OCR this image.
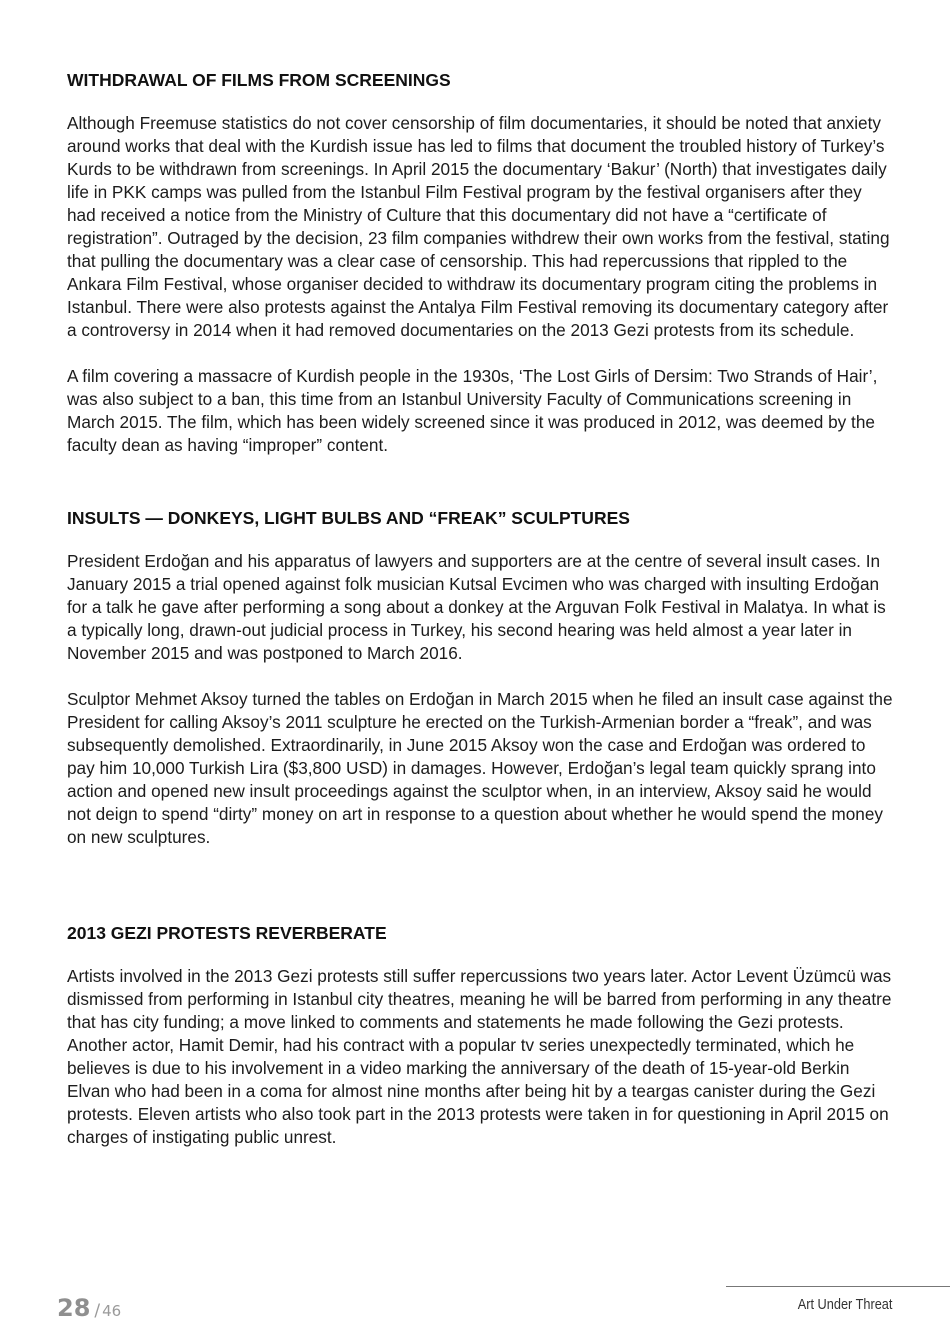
WITHDRAWAL OF FILMS FROM SCREENINGS

Although Freemuse statistics do not cover censorship of film documentaries, it should be noted that anxiety around works that deal with the Kurdish issue has led to films that document the troubled history of Turkey’s Kurds to be withdrawn from screenings. In April 2015 the documentary ‘Bakur’ (North) that investigates daily life in PKK camps was pulled from the Istanbul Film Festival program by the festival organisers after they had received a notice from the Ministry of Culture that this documentary did not have a “certificate of registration”. Outraged by the decision, 23 film companies withdrew their own works from the festival, stating that pulling the documentary was a clear case of censorship. This had repercussions that rippled to the Ankara Film Festival, whose organiser decided to withdraw its documentary program citing the problems in Istanbul. There were also protests against the Antalya Film Festival removing its documentary category after a controversy in 2014 when it had removed documentaries on the 2013 Gezi protests from its schedule.

A film covering a massacre of Kurdish people in the 1930s, ‘The Lost Girls of Dersim: Two Strands of Hair’, was also subject to a ban, this time from an Istanbul University Faculty of Communications screening in March 2015. The film, which has been widely screened since it was produced in 2012, was deemed by the faculty dean as having “improper” content.

INSULTS — DONKEYS, LIGHT BULBS AND “FREAK” SCULPTURES

President Erdoğan and his apparatus of lawyers and supporters are at the centre of several insult cases. In January 2015 a trial opened against folk musician Kutsal Evcimen who was charged with insulting Erdoğan for a talk he gave after performing a song about a donkey at the Arguvan Folk Festival in Malatya. In what is a typically long, drawn-out judicial process in Turkey, his second hearing was held almost a year later in November 2015 and was postponed to March 2016.

Sculptor Mehmet Aksoy turned the tables on Erdoğan in March 2015 when he filed an insult case against the President for calling Aksoy’s 2011 sculpture he erected on the Turkish-Armenian border a “freak”, and was subsequently demolished. Extraordinarily, in June 2015 Aksoy won the case and Erdoğan was ordered to pay him 10,000 Turkish Lira ($3,800 USD) in damages. However, Erdoğan’s legal team quickly sprang into action and opened new insult proceedings against the sculptor when, in an interview, Aksoy said he would not deign to spend “dirty” money on art in response to a question about whether he would spend the money on new sculptures.

2013 GEZI PROTESTS REVERBERATE

Artists involved in the 2013 Gezi protests still suffer repercussions two years later. Actor Levent Üzümcü was dismissed from performing in Istanbul city theatres, meaning he will be barred from performing in any theatre that has city funding; a move linked to comments and statements he made following the Gezi protests. Another actor, Hamit Demir, had his contract with a popular tv series unexpectedly terminated, which he believes is due to his involvement in a video marking the anniversary of the death of 15-year-old Berkin Elvan who had been in a coma for almost nine months after being hit by a teargas canister during the Gezi protests. Eleven artists who also took part in the 2013 protests were taken in for questioning in April 2015 on charges of instigating public unrest.

28 / 46	Art Under Threat
